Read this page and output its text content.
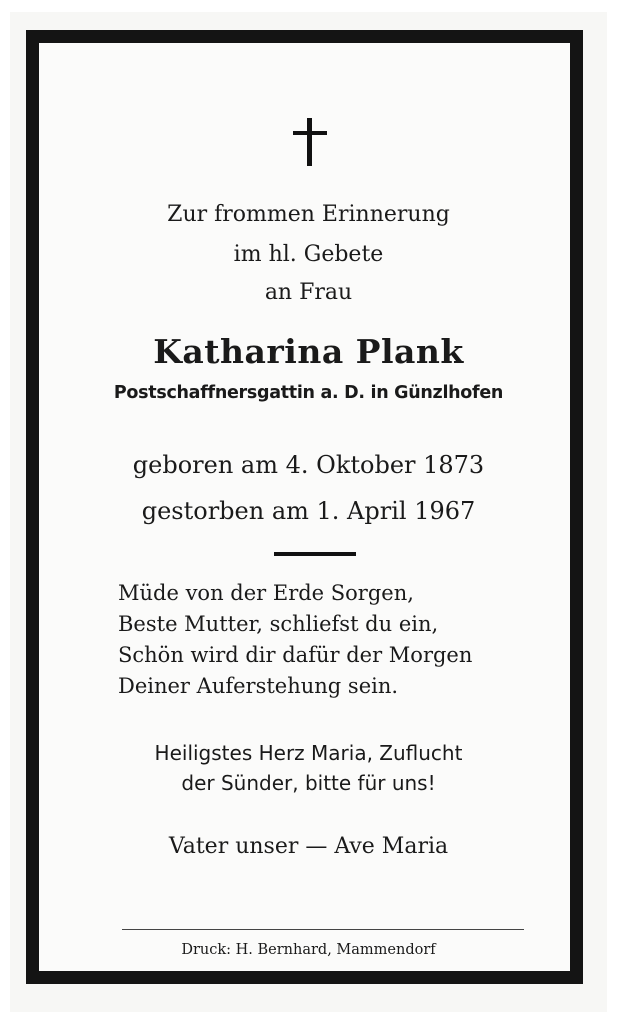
Zur frommen Erinnerung
im hl. Gebete
an Frau
Katharina Plank
Postschaffnersgattin a. D. in Günzlhofen
geboren am 4. Oktober 1873
gestorben am 1. April 1967
Müde von der Erde Sorgen,
Beste Mutter, schliefst du ein,
Schön wird dir dafür der Morgen
Deiner Auferstehung sein.
Heiligstes Herz Maria, Zuflucht
der Sünder, bitte für uns!
Vater unser — Ave Maria
Druck: H. Bernhard, Mammendorf
